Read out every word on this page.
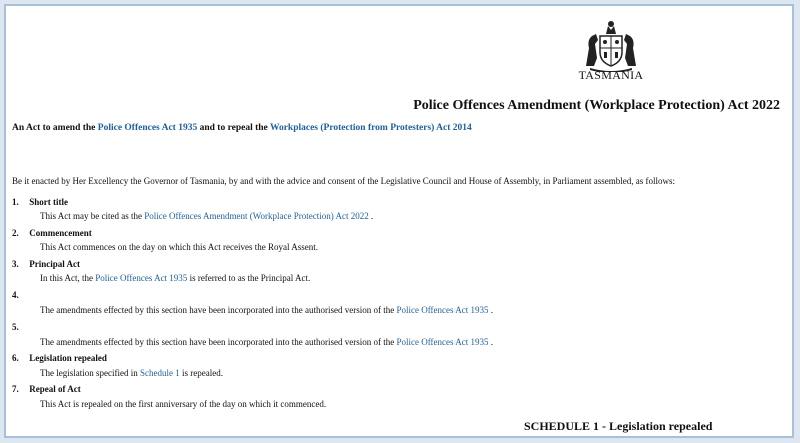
TASMANIA
Police Offences Amendment (Workplace Protection) Act 2022
An Act to amend the Police Offences Act 1935 and to repeal the Workplaces (Protection from Protesters) Act 2014
Be it enacted by Her Excellency the Governor of Tasmania, by and with the advice and consent of the Legislative Council and House of Assembly, in Parliament assembled, as follows:
1. Short title
This Act may be cited as the Police Offences Amendment (Workplace Protection) Act 2022 .
2. Commencement
This Act commences on the day on which this Act receives the Royal Assent.
3. Principal Act
In this Act, the Police Offences Act 1935 is referred to as the Principal Act.
4.
The amendments effected by this section have been incorporated into the authorised version of the Police Offences Act 1935 .
5.
The amendments effected by this section have been incorporated into the authorised version of the Police Offences Act 1935 .
6. Legislation repealed
The legislation specified in Schedule 1 is repealed.
7. Repeal of Act
This Act is repealed on the first anniversary of the day on which it commenced.
SCHEDULE 1 - Legislation repealed
